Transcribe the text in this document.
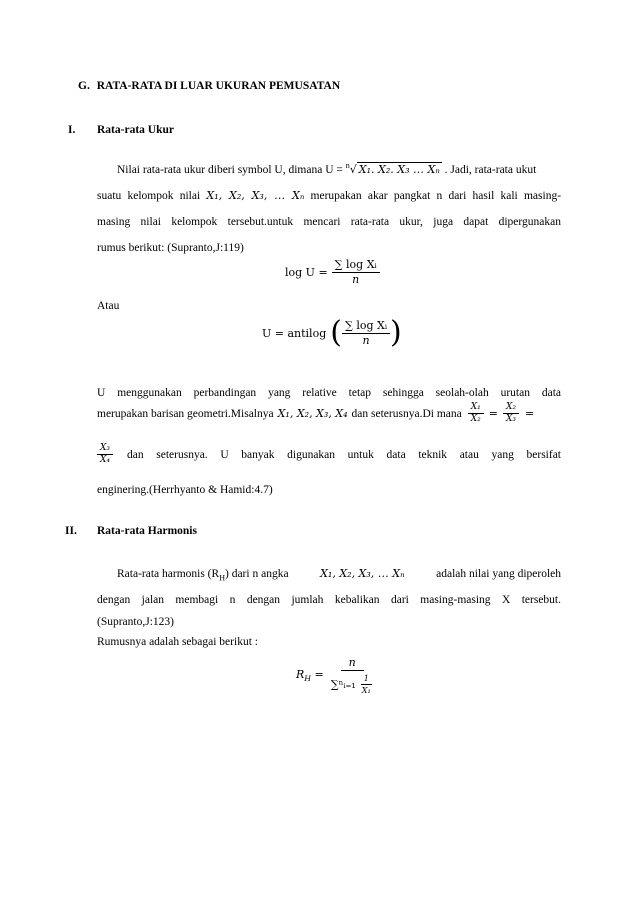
G. RATA-RATA DI LUAR UKURAN PEMUSATAN
I. Rata-rata Ukur
Nilai rata-rata ukur diberi symbol U, dimana U = $^n$√ X₁. X₂. X₃ … Xₙ . Jadi, rata-rata ukut
suatu kelompok nilai X₁, X₂, X₃, … Xₙ merupakan akar pangkat n dari hasil kali masing-
masing nilai kelompok tersebut.untuk mencari rata-rata ukur, juga dapat dipergunakan
rumus berikut: (Supranto,J:119)
$\log U = \frac{\text{∑ log Xᵢ}}{n}$
Atau
U = antilog ( $\frac{\text{∑ log Xᵢ}}{n}$ )
U menggunakan perbandingan yang relative tetap sehingga seolah-olah urutan data
merupakan barisan geometri.Misalnya X₁, X₂, X₃, X₄ dan seterusnya.Di mana $\frac{\text{X₁}}{\text{X₂}} = \frac{\text{X₂}}{\text{X₃}}$ =
$\frac{\text{X₃}}{\text{X₄}}$ dan seterusnya. U banyak digunakan untuk data teknik atau yang bersifat
enginering.(Herrhyanto & Hamid:4.7)
II. Rata-rata Harmonis
Rata-rata harmonis $(R_H)$ dari n angka	X₁, X₂, X₃, … Xₙ	adalah nilai yang diperoleh
dengan jalan membagi n dengan jumlah kebalikan dari masing-masing X tersebut.
(Supranto,J:123)
Rumusnya adalah sebagai berikut :
$R_H = \frac{n}{\sum^nᵢ_{=1} \frac{1}{\text{X₁}}}$
